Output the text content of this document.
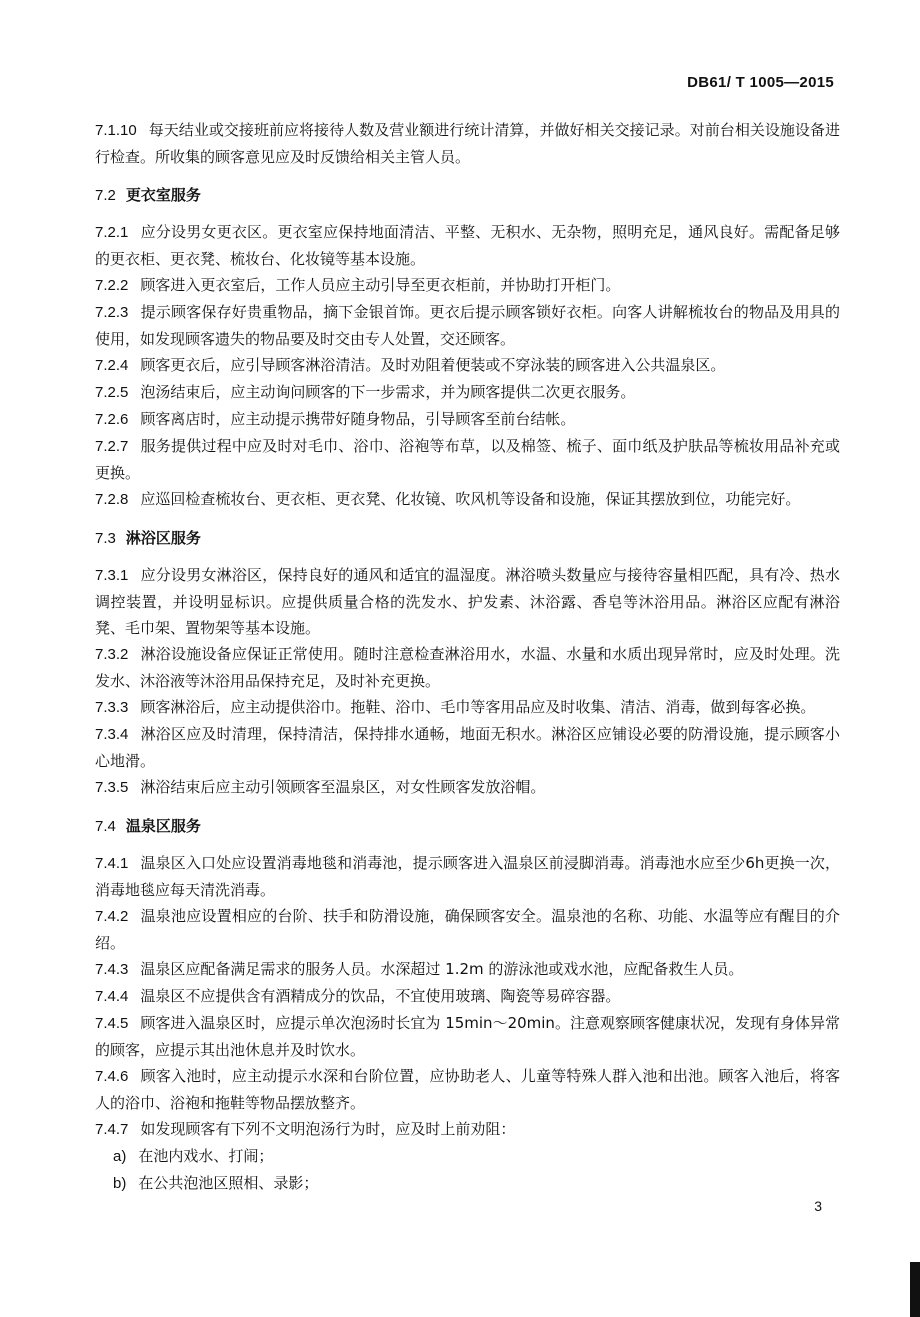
DB61/ T 1005—2015

7.1.10 每天结业或交接班前应将接待人数及营业额进行统计清算，并做好相关交接记录。对前台相关设施设备进行检查。所收集的顾客意见应及时反馈给相关主管人员。

7.2 更衣室服务

7.2.1 应分设男女更衣区。更衣室应保持地面清洁、平整、无积水、无杂物，照明充足，通风良好。需配备足够的更衣柜、更衣凳、梳妆台、化妆镜等基本设施。

7.2.2 顾客进入更衣室后，工作人员应主动引导至更衣柜前，并协助打开柜门。

7.2.3 提示顾客保存好贵重物品，摘下金银首饰。更衣后提示顾客锁好衣柜。向客人讲解梳妆台的物品及用具的使用，如发现顾客遗失的物品要及时交由专人处置，交还顾客。

7.2.4 顾客更衣后，应引导顾客淋浴清洁。及时劝阻着便装或不穿泳装的顾客进入公共温泉区。

7.2.5 泡汤结束后，应主动询问顾客的下一步需求，并为顾客提供二次更衣服务。

7.2.6 顾客离店时，应主动提示携带好随身物品，引导顾客至前台结帐。

7.2.7 服务提供过程中应及时对毛巾、浴巾、浴袍等布草，以及棉签、梳子、面巾纸及护肤品等梳妆用品补充或更换。

7.2.8 应巡回检查梳妆台、更衣柜、更衣凳、化妆镜、吹风机等设备和设施，保证其摆放到位，功能完好。

7.3 淋浴区服务

7.3.1 应分设男女淋浴区，保持良好的通风和适宜的温湿度。淋浴喷头数量应与接待容量相匹配，具有冷、热水调控装置，并设明显标识。应提供质量合格的洗发水、护发素、沐浴露、香皂等沐浴用品。淋浴区应配有淋浴凳、毛巾架、置物架等基本设施。

7.3.2 淋浴设施设备应保证正常使用。随时注意检查淋浴用水，水温、水量和水质出现异常时，应及时处理。洗发水、沐浴液等沐浴用品保持充足，及时补充更换。

7.3.3 顾客淋浴后，应主动提供浴巾。拖鞋、浴巾、毛巾等客用品应及时收集、清洁、消毒，做到每客必换。

7.3.4 淋浴区应及时清理，保持清洁，保持排水通畅，地面无积水。淋浴区应铺设必要的防滑设施，提示顾客小心地滑。

7.3.5 淋浴结束后应主动引领顾客至温泉区，对女性顾客发放浴帽。

7.4 温泉区服务

7.4.1 温泉区入口处应设置消毒地毯和消毒池，提示顾客进入温泉区前浸脚消毒。消毒池水应至少6h更换一次，消毒地毯应每天清洗消毒。

7.4.2 温泉池应设置相应的台阶、扶手和防滑设施，确保顾客安全。温泉池的名称、功能、水温等应有醒目的介绍。

7.4.3 温泉区应配备满足需求的服务人员。水深超过 1.2m 的游泳池或戏水池，应配备救生人员。

7.4.4 温泉区不应提供含有酒精成分的饮品，不宜使用玻璃、陶瓷等易碎容器。

7.4.5 顾客进入温泉区时，应提示单次泡汤时长宜为 15min～20min。注意观察顾客健康状况，发现有身体异常的顾客，应提示其出池休息并及时饮水。

7.4.6 顾客入池时，应主动提示水深和台阶位置，应协助老人、儿童等特殊人群入池和出池。顾客入池后，将客人的浴巾、浴袍和拖鞋等物品摆放整齐。

7.4.7 如发现顾客有下列不文明泡汤行为时，应及时上前劝阻：

a) 在池内戏水、打闹；

b) 在公共泡池区照相、录影；

3
